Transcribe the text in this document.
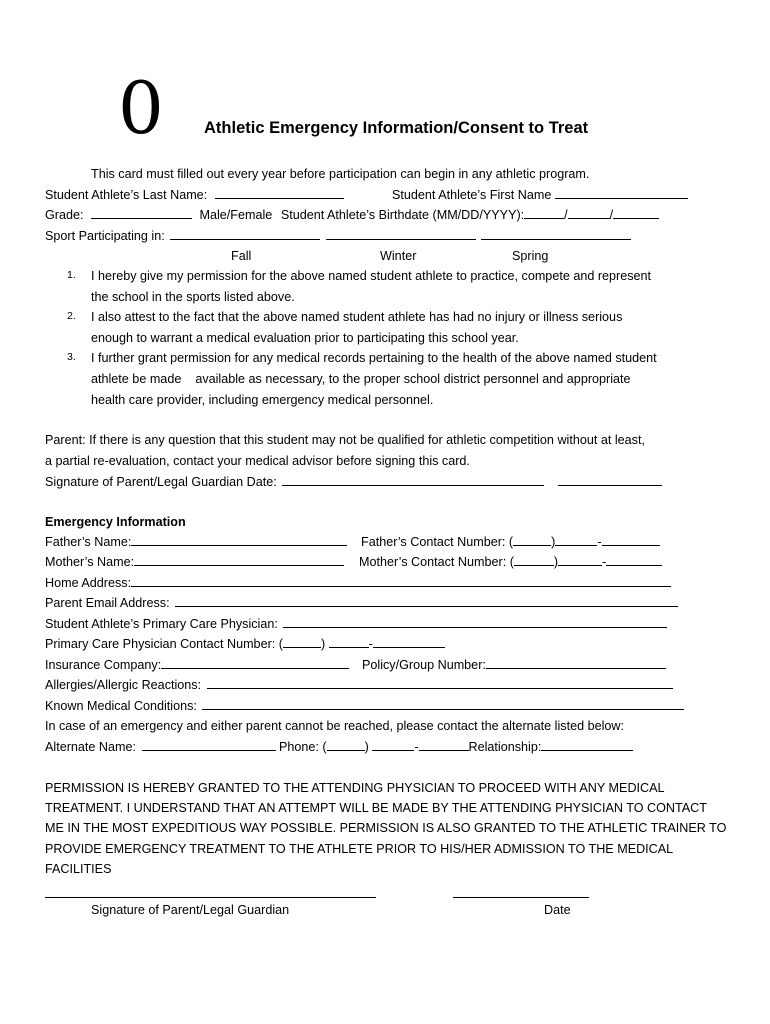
0 Athletic Emergency Information/Consent to Treat
This card must filled out every year before participation can begin in any athletic program.
Student Athlete’s Last Name:	Student Athlete’s First Name
Grade:	Male/Female Student Athlete’s Birthdate (MM/DD/YYYY):	/	/
Sport Participating in:
Fall	Winter	Spring
1. I hereby give my permission for the above named student athlete to practice, compete and represent
the school in the sports listed above.
2. I also attest to the fact that the above named student athlete has had no injury or illness serious
enough to warrant a medical evaluation prior to participating this school year.
3. I further grant permission for any medical records pertaining to the health of the above named student
athlete be made    available as necessary, to the proper school district personnel and appropriate
health care provider, including emergency medical personnel.
Parent: If there is any question that this student may not be qualified for athletic competition without at least,
a partial re-evaluation, contact your medical advisor before signing this card.
Signature of Parent/Legal Guardian Date:
Emergency Information
Father’s Name:	Father’s Contact Number: (	)	-
Mother’s Name:	Mother’s Contact Number: (	)	-
Home Address:
Parent Email Address:
Student Athlete’s Primary Care Physician:
Primary Care Physician Contact Number: (	)	-
Insurance Company:	Policy/Group Number:
Allergies/Allergic Reactions:
Known Medical Conditions:
In case of an emergency and either parent cannot be reached, please contact the alternate listed below:
Alternate Name:	Phone: (	)	-	Relationship:
PERMISSION IS HEREBY GRANTED TO THE ATTENDING PHYSICIAN TO PROCEED WITH ANY MEDICAL
TREATMENT. I UNDERSTAND THAT AN ATTEMPT WILL BE MADE BY THE ATTENDING PHYSICIAN TO CONTACT
ME IN THE MOST EXPEDITIOUS WAY POSSIBLE. PERMISSION IS ALSO GRANTED TO THE ATHLETIC TRAINER TO
PROVIDE EMERGENCY TREATMENT TO THE ATHLETE PRIOR TO HIS/HER ADMISSION TO THE MEDICAL
FACILITIES
Signature of Parent/Legal Guardian	Date
